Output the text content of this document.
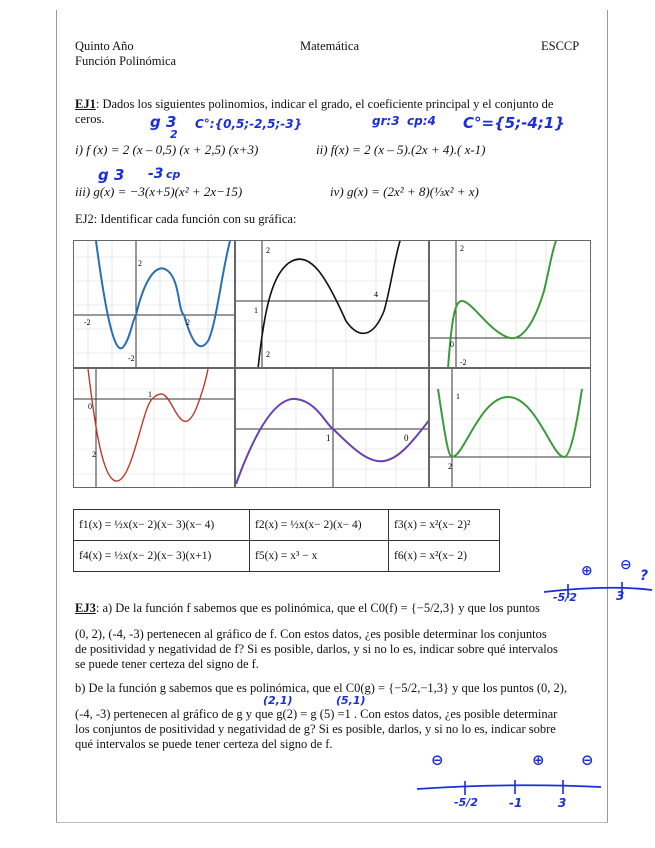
Quinto Año
Función Polinómica
Matemática	ESCCP
EJ1: Dados los siguientes polinomios, indicar el grado, el coeficiente principal y el conjunto de
ceros.
i) f (x) = 2 (x – 0,5) (x + 2,5) (x+3)	ii) f(x) = 2 (x – 5).(2x + 4).( x-1)
iii) g(x) = −3(x+5)(x² + 2x−15)	iv) g(x) = (2x² + 8)(⅓x² + x)
g 3
2
C°:{0,5;-2,5;-3}	gr:3 cp:4 C°={5;-4;1}
g 3 -3 cp
EJ2: Identificar cada función con su gráfica:
2
2
-2
-2
2
1
4
2
2
0
-2
2
1
0
1	0
1
2
f1(x) = ½x(x− 2)(x− 3)(x− 4)	f2(x) = ½x(x− 2)(x− 4)	f3(x) = x²(x− 2)²
f4(x) = ½x(x− 2)(x− 3)(x+1)	f5(x) = x³ − x	f6(x) = x²(x− 2)
EJ3: a) De la función f sabemos que es polinómica, que el C0(f) = {−5/2,3} y que los puntos
(0, 2), (-4, -3) pertenecen al gráfico de f. Con estos datos, ¿es posible determinar los conjuntos
de positividad y negatividad de f? Si es posible, darlos, y si no lo es, indicar sobre qué intervalos
se puede tener certeza del signo de f.
b) De la función g sabemos que es polinómica, que el C0(g) = {−5/2,−1,3} y que los puntos (0, 2),
(-4, -3) pertenecen al gráfico de g y que g(2) = g (5) =1 . Con estos datos, ¿es posible determinar
los conjuntos de positividad y negatividad de g? Si es posible, darlos, y si no lo es, indicar sobre
qué intervalos se puede tener certeza del signo de f.
-5/2	3
⊖
⊕	?
(2,1)	(5,1)
⊖	⊕ ⊖
-5/2	-1	3
